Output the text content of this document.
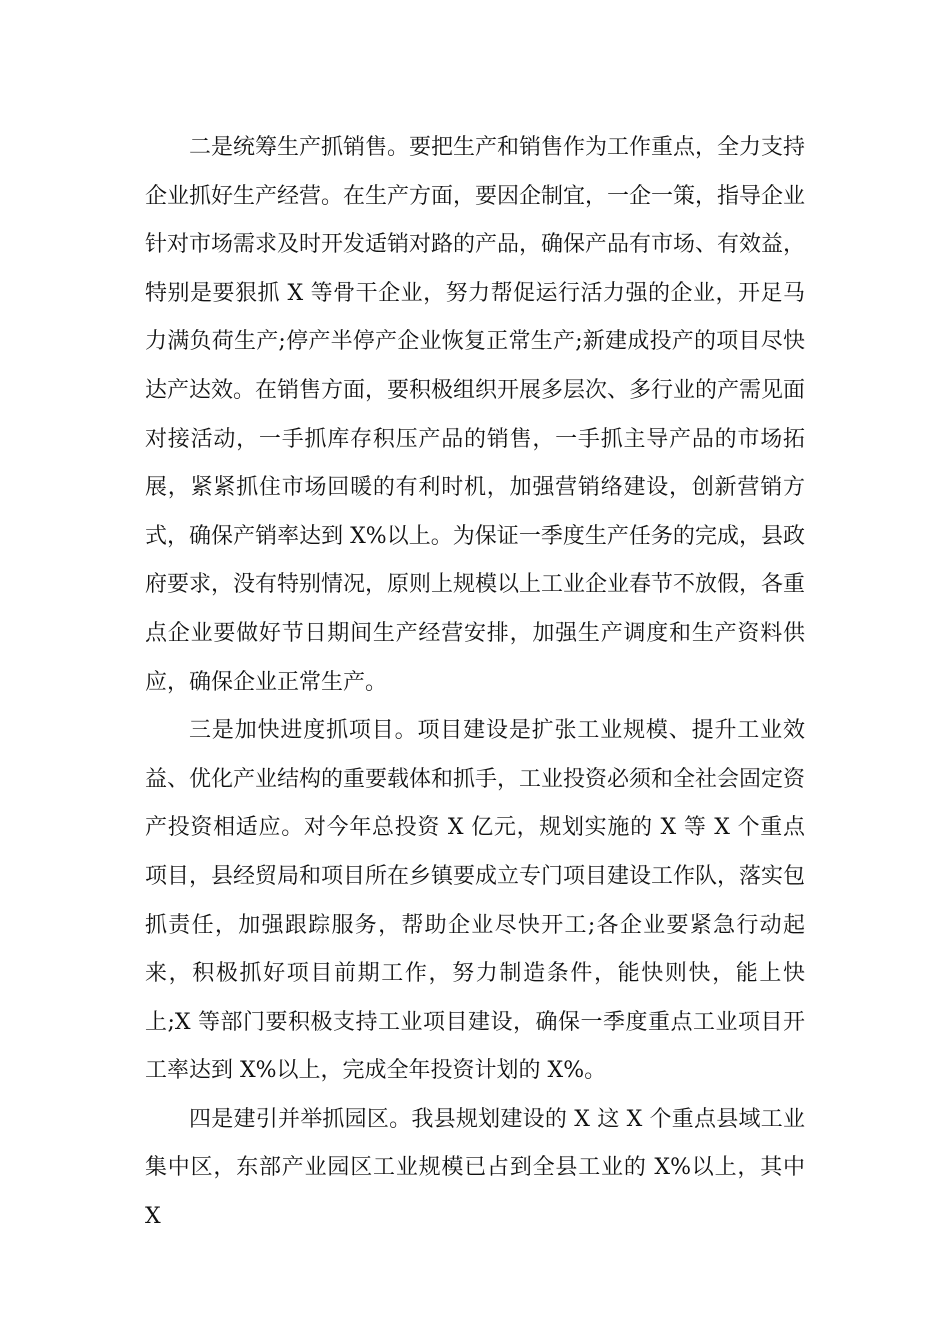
二是统筹生产抓销售。要把生产和销售作为工作重点，全力支持企业抓好生产经营。在生产方面，要因企制宜，一企一策，指导企业针对市场需求及时开发适销对路的产品，确保产品有市场、有效益，特别是要狠抓 X 等骨干企业，努力帮促运行活力强的企业，开足马力满负荷生产;停产半停产企业恢复正常生产;新建成投产的项目尽快达产达效。在销售方面，要积极组织开展多层次、多行业的产需见面对接活动，一手抓库存积压产品的销售，一手抓主导产品的市场拓展，紧紧抓住市场回暖的有利时机，加强营销络建设，创新营销方式，确保产销率达到 X%以上。为保证一季度生产任务的完成，县政府要求，没有特别情况，原则上规模以上工业企业春节不放假，各重点企业要做好节日期间生产经营安排，加强生产调度和生产资料供应，确保企业正常生产。

三是加快进度抓项目。项目建设是扩张工业规模、提升工业效益、优化产业结构的重要载体和抓手，工业投资必须和全社会固定资产投资相适应。对今年总投资 X 亿元，规划实施的 X 等 X 个重点项目，县经贸局和项目所在乡镇要成立专门项目建设工作队，落实包抓责任，加强跟踪服务，帮助企业尽快开工;各企业要紧急行动起来，积极抓好项目前期工作，努力制造条件，能快则快，能上快上;X 等部门要积极支持工业项目建设，确保一季度重点工业项目开工率达到 X%以上，完成全年投资计划的 X%。

四是建引并举抓园区。我县规划建设的 X 这 X 个重点县域工业集中区，东部产业园区工业规模已占到全县工业的 X%以上，其中 X
